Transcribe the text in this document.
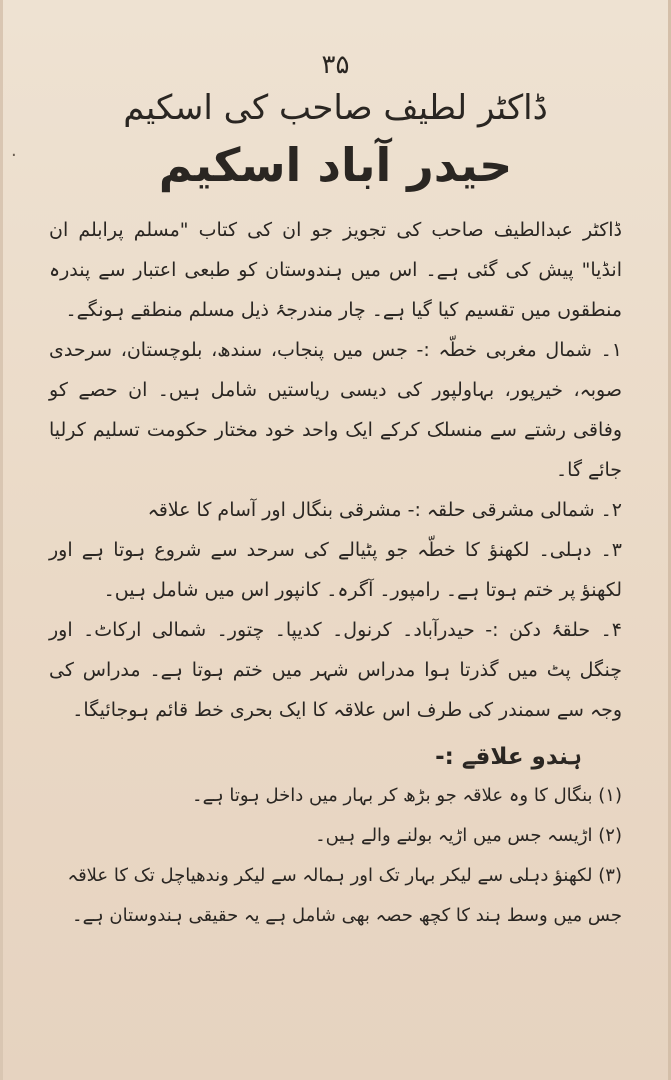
.
۳۵
ڈاکٹر لطیف صاحب کی اسکیم
حیدر آباد اسکیم

ڈاکٹر عبدالطیف صاحب کی تجویز جو ان کی کتاب "مسلم پرابلم ان انڈیا" پیش کی گئی ہے۔ اس میں ہندوستان کو طبعی اعتبار سے پندرہ منطقوں میں تقسیم کیا گیا ہے۔ چار مندرجۂ ذیل مسلم منطقے ہونگے۔

۱۔ شمال مغربی خطّہ :- جس میں پنجاب، سندھ، بلوچستان، سرحدی صوبہ، خیرپور، بہاولپور کی دیسی ریاستیں شامل ہیں۔ ان حصے کو وفاقی رشتے سے منسلک کرکے ایک واحد خود مختار حکومت تسلیم کرلیا جائے گا۔

۲۔ شمالی مشرقی حلقہ :- مشرقی بنگال اور آسام کا علاقہ

۳۔ دہلی۔ لکھنؤ کا خطّہ جو پٹیالے کی سرحد سے شروع ہوتا ہے اور لکھنؤ پر ختم ہوتا ہے۔ رامپور۔ آگرہ۔ کانپور اس میں شامل ہیں۔

۴۔ حلقۂ دکن :- حیدرآباد۔ کرنول۔ کدیپا۔ چتور۔ شمالی ارکاٹ۔ اور چنگل پٹ میں گذرتا ہوا مدراس شہر میں ختم ہوتا ہے۔ مدراس کی وجہ سے سمندر کی طرف اس علاقہ کا ایک بحری خط قائم ہوجائیگا۔

ہندو علاقے :-

(۱) بنگال کا وہ علاقہ جو بڑھ کر بہار میں داخل ہوتا ہے۔

(۲) اڑیسہ جس میں اڑیہ بولنے والے ہیں۔

(۳) لکھنؤ دہلی سے لیکر بہار تک اور ہمالہ سے لیکر وندھیاچل تک کا علاقہ جس میں وسط ہند کا کچھ حصہ بھی شامل ہے یہ حقیقی ہندوستان ہے۔
